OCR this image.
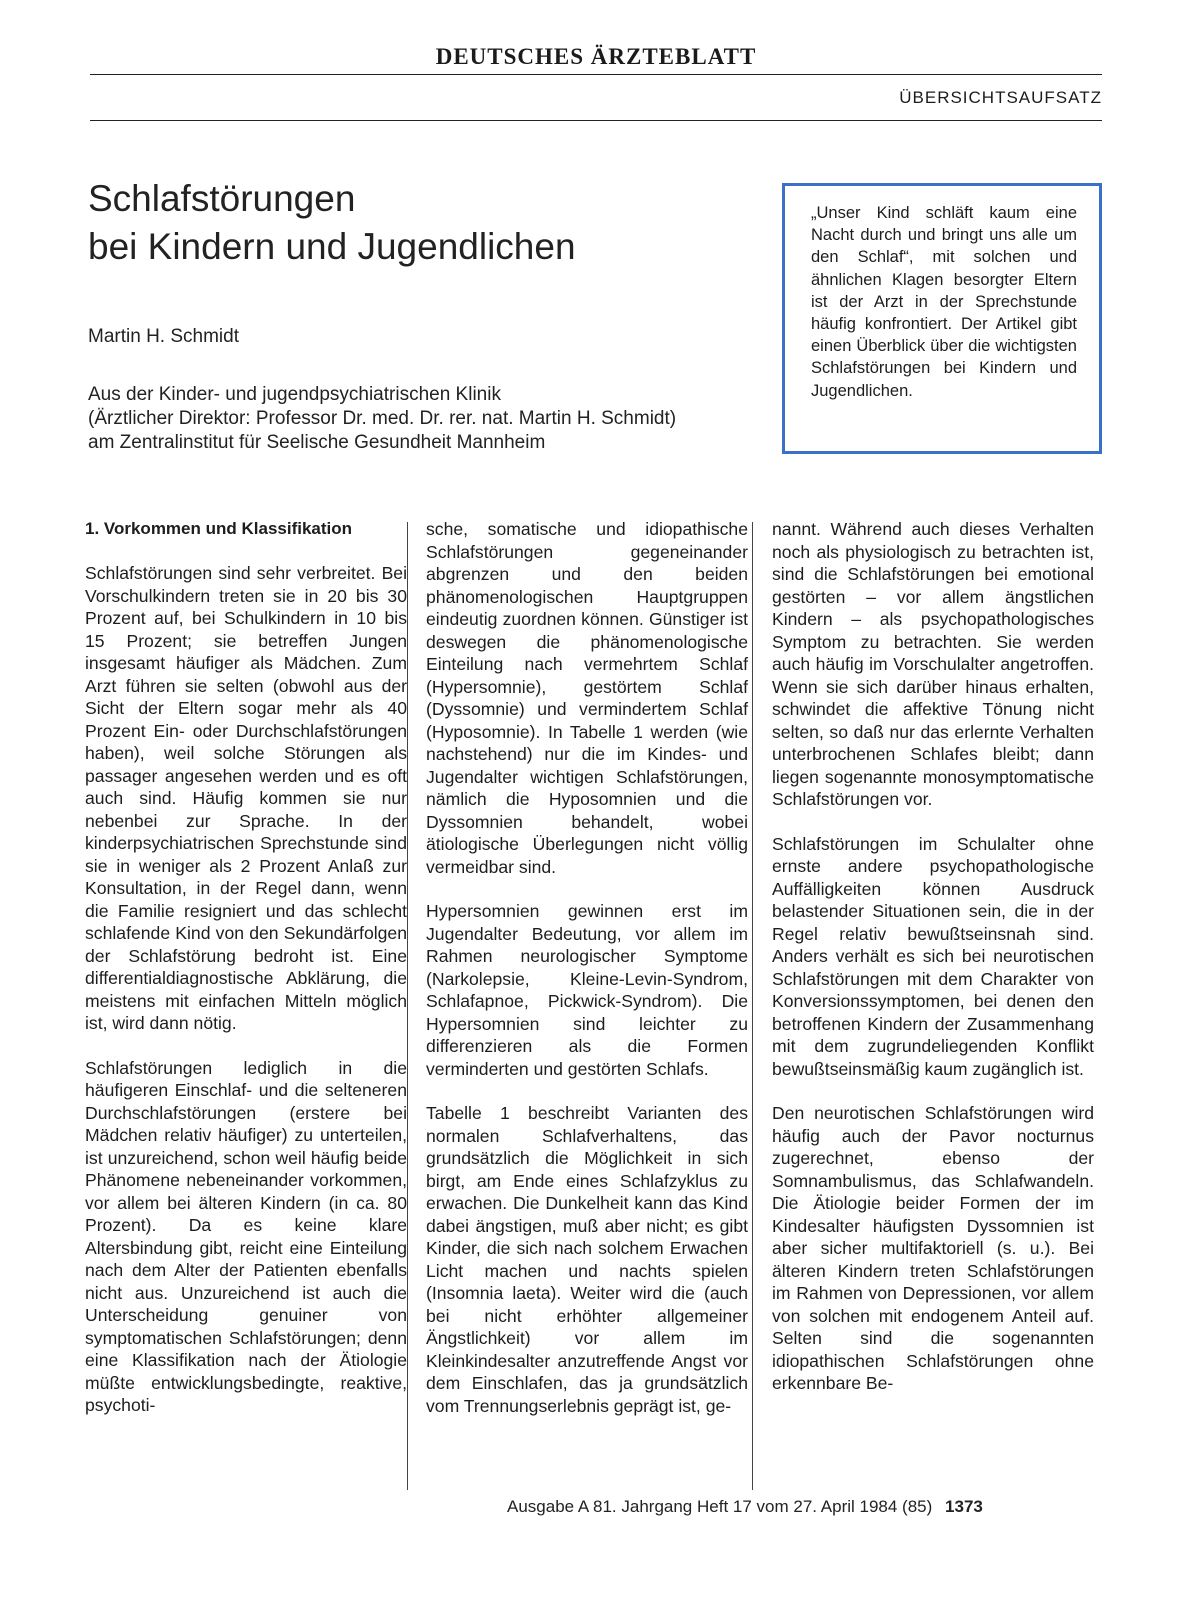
DEUTSCHES ÄRZTEBLATT
ÜBERSICHTSAUFSATZ
Schlafstörungen
bei Kindern und Jugendlichen
Martin H. Schmidt
Aus der Kinder- und jugendpsychiatrischen Klinik
(Ärztlicher Direktor: Professor Dr. med. Dr. rer. nat. Martin H. Schmidt)
am Zentralinstitut für Seelische Gesundheit Mannheim

„Unser Kind schläft kaum eine Nacht durch und bringt uns alle um den Schlaf“, mit solchen und ähnlichen Klagen besorgter Eltern ist der Arzt in der Sprechstunde häufig konfrontiert. Der Artikel gibt einen Überblick über die wichtigsten Schlafstörungen bei Kindern und Jugendlichen.

1. Vorkommen und Klassifikation

Schlafstörungen sind sehr verbreitet. Bei Vorschulkindern treten sie in 20 bis 30 Prozent auf, bei Schulkindern in 10 bis 15 Prozent; sie betreffen Jungen insgesamt häufiger als Mädchen. Zum Arzt führen sie selten (obwohl aus der Sicht der Eltern sogar mehr als 40 Prozent Ein- oder Durchschlafstörungen haben), weil solche Störungen als passager angesehen werden und es oft auch sind. Häufig kommen sie nur nebenbei zur Sprache. In der kinderpsychiatrischen Sprechstunde sind sie in weniger als 2 Prozent Anlaß zur Konsultation, in der Regel dann, wenn die Familie resigniert und das schlecht schlafende Kind von den Sekundärfolgen der Schlafstörung bedroht ist. Eine differentialdiagnostische Abklärung, die meistens mit einfachen Mitteln möglich ist, wird dann nötig.

Schlafstörungen lediglich in die häufigeren Einschlaf- und die selteneren Durchschlafstörungen (erstere bei Mädchen relativ häufiger) zu unterteilen, ist unzureichend, schon weil häufig beide Phänomene nebeneinander vorkommen, vor allem bei älteren Kindern (in ca. 80 Prozent). Da es keine klare Altersbindung gibt, reicht eine Einteilung nach dem Alter der Patienten ebenfalls nicht aus. Unzureichend ist auch die Unterscheidung genuiner von symptomatischen Schlafstörungen; denn eine Klassifikation nach der Ätiologie müßte entwicklungsbedingte, reaktive, psychoti-

sche, somatische und idiopathische Schlafstörungen gegeneinander abgrenzen und den beiden phänomenologischen Hauptgruppen eindeutig zuordnen können. Günstiger ist deswegen die phänomenologische Einteilung nach vermehrtem Schlaf (Hypersomnie), gestörtem Schlaf (Dyssomnie) und vermindertem Schlaf (Hyposomnie). In Tabelle 1 werden (wie nachstehend) nur die im Kindes- und Jugendalter wichtigen Schlafstörungen, nämlich die Hyposomnien und die Dyssomnien behandelt, wobei ätiologische Überlegungen nicht völlig vermeidbar sind.

Hypersomnien gewinnen erst im Jugendalter Bedeutung, vor allem im Rahmen neurologischer Symptome (Narkolepsie, Kleine-Levin-Syndrom, Schlafapnoe, Pickwick-Syndrom). Die Hypersomnien sind leichter zu differenzieren als die Formen verminderten und gestörten Schlafs.

Tabelle 1 beschreibt Varianten des normalen Schlafverhaltens, das grundsätzlich die Möglichkeit in sich birgt, am Ende eines Schlafzyklus zu erwachen. Die Dunkelheit kann das Kind dabei ängstigen, muß aber nicht; es gibt Kinder, die sich nach solchem Erwachen Licht machen und nachts spielen (Insomnia laeta). Weiter wird die (auch bei nicht erhöhter allgemeiner Ängstlichkeit) vor allem im Kleinkindesalter anzutreffende Angst vor dem Einschlafen, das ja grundsätzlich vom Trennungserlebnis geprägt ist, ge-

nannt. Während auch dieses Verhalten noch als physiologisch zu betrachten ist, sind die Schlafstörungen bei emotional gestörten – vor allem ängstlichen Kindern – als psychopathologisches Symptom zu betrachten. Sie werden auch häufig im Vorschulalter angetroffen. Wenn sie sich darüber hinaus erhalten, schwindet die affektive Tönung nicht selten, so daß nur das erlernte Verhalten unterbrochenen Schlafes bleibt; dann liegen sogenannte monosymptomatische Schlafstörungen vor.

Schlafstörungen im Schulalter ohne ernste andere psychopathologische Auffälligkeiten können Ausdruck belastender Situationen sein, die in der Regel relativ bewußtseinsnah sind. Anders verhält es sich bei neurotischen Schlafstörungen mit dem Charakter von Konversionssymptomen, bei denen den betroffenen Kindern der Zusammenhang mit dem zugrundeliegenden Konflikt bewußtseinsmäßig kaum zugänglich ist.

Den neurotischen Schlafstörungen wird häufig auch der Pavor nocturnus zugerechnet, ebenso der Somnambulismus, das Schlafwandeln. Die Ätiologie beider Formen der im Kindesalter häufigsten Dyssomnien ist aber sicher multifaktoriell (s. u.). Bei älteren Kindern treten Schlafstörungen im Rahmen von Depressionen, vor allem von solchen mit endogenem Anteil auf. Selten sind die sogenannten idiopathischen Schlafstörungen ohne erkennbare Be-

Ausgabe A 81. Jahrgang Heft 17 vom 27. April 1984 (85) 1373
